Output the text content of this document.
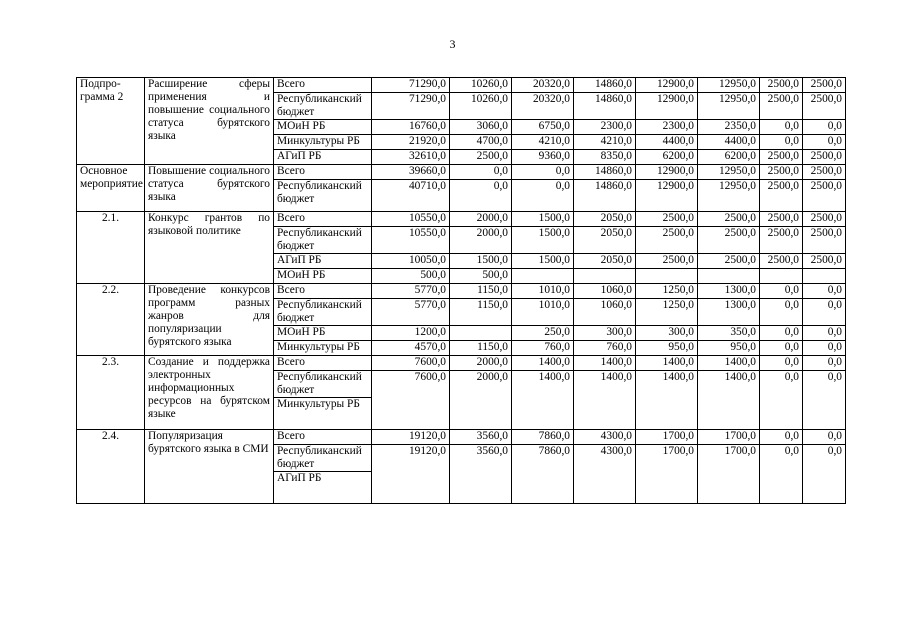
3
Подпро-грамма 2	Расширение сферы применения и повышение социального статуса бурятского языка	Всего	71290,0	10260,0	20320,0	14860,0	12900,0	12950,0	2500,0	2500,0
		Республиканский бюджет	71290,0	10260,0	20320,0	14860,0	12900,0	12950,0	2500,0	2500,0
		МОиН РБ	16760,0	3060,0	6750,0	2300,0	2300,0	2350,0	0,0	0,0
		Минкультуры РБ	21920,0	4700,0	4210,0	4210,0	4400,0	4400,0	0,0	0,0
		АГиП РБ	32610,0	2500,0	9360,0	8350,0	6200,0	6200,0	2500,0	2500,0
Основное мероприятие	Повышение социального статуса бурятского языка	Всего	39660,0	0,0	0,0	14860,0	12900,0	12950,0	2500,0	2500,0
		Республиканский бюджет	40710,0	0,0	0,0	14860,0	12900,0	12950,0	2500,0	2500,0
2.1.	Конкурс грантов по языковой политике	Всего	10550,0	2000,0	1500,0	2050,0	2500,0	2500,0	2500,0	2500,0
		Республиканский бюджет	10550,0	2000,0	1500,0	2050,0	2500,0	2500,0	2500,0	2500,0
		АГиП РБ	10050,0	1500,0	1500,0	2050,0	2500,0	2500,0	2500,0	2500,0
		МОиН РБ	500,0	500,0						
2.2.	Проведение конкурсов программ разных жанров для популяризации бурятского языка	Всего	5770,0	1150,0	1010,0	1060,0	1250,0	1300,0	0,0	0,0
		Республиканский бюджет	5770,0	1150,0	1010,0	1060,0	1250,0	1300,0	0,0	0,0
		МОиН РБ	1200,0		250,0	300,0	300,0	350,0	0,0	0,0
		Минкультуры РБ	4570,0	1150,0	760,0	760,0	950,0	950,0	0,0	0,0
2.3.	Создание и поддержка электронных информационных ресурсов на бурятском языке	Всего	7600,0	2000,0	1400,0	1400,0	1400,0	1400,0	0,0	0,0
		Республиканский бюджет	7600,0	2000,0	1400,0	1400,0	1400,0	1400,0	0,0	0,0
		Минкультуры РБ								
2.4.	Популяризация бурятского языка в СМИ	Всего	19120,0	3560,0	7860,0	4300,0	1700,0	1700,0	0,0	0,0
		Республиканский бюджет	19120,0	3560,0	7860,0	4300,0	1700,0	1700,0	0,0	0,0
		АГиП РБ								
